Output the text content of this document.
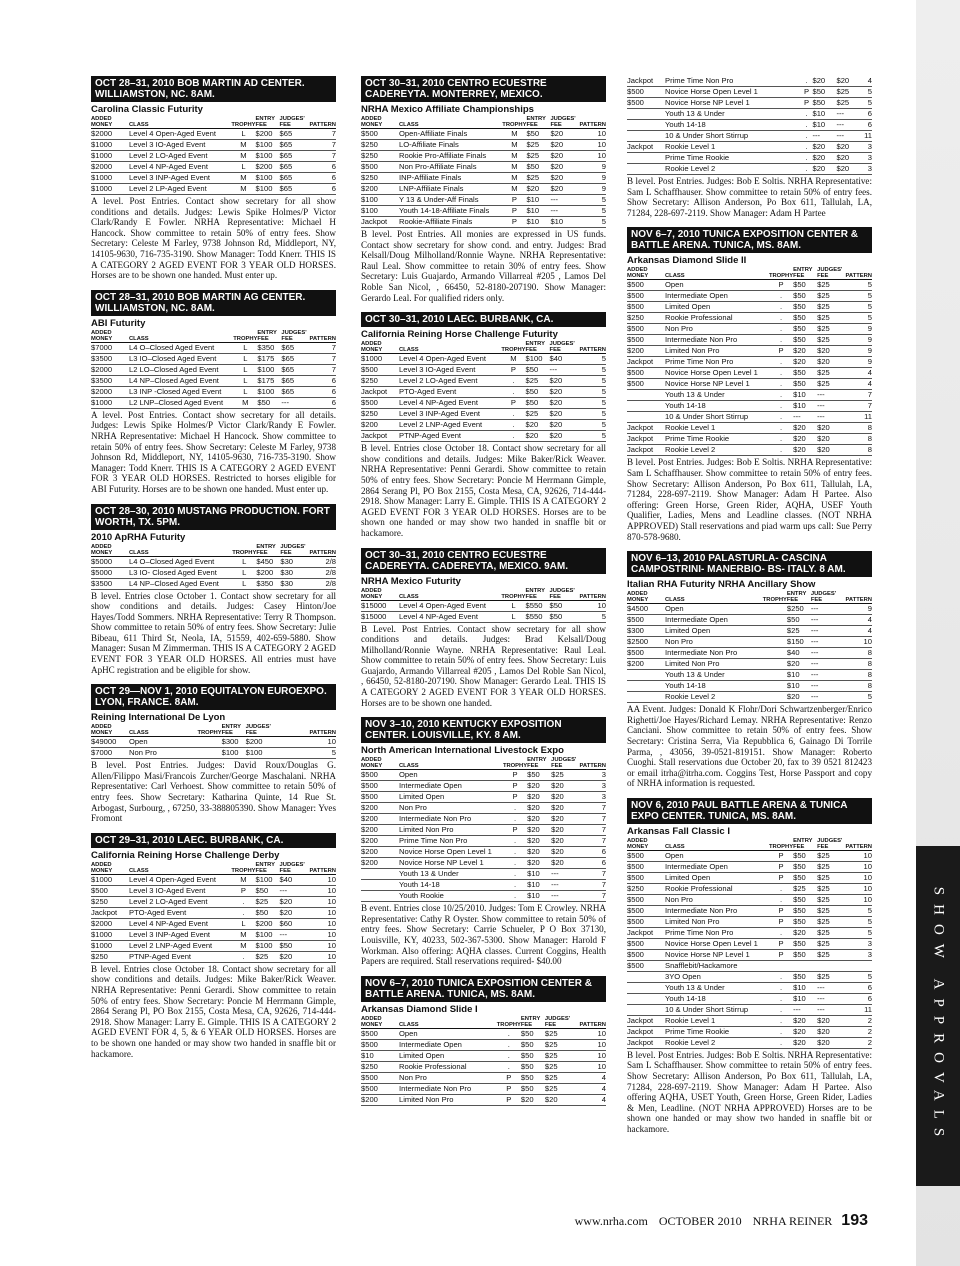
SHOW APPROVALS
OCT 28–31, 2010 BOB MARTIN AD CENTER. WILLIAMSTON, NC. 8AM.
Carolina Classic Futurity
ADDED
MONEY	CLASS	TROPHY	ENTRY
FEE	JUDGES'
FEE	PATTERN
$2000	Level 4 Open-Aged Event	L	$200	$65	7
$1000	Level 3 IO-Aged Event	M	$100	$65	7
$1000	Level 2 LO-Aged Event	M	$100	$65	7
$2000	Level 4 NP-Aged Event	L	$200	$65	6
$1000	Level 3 INP-Aged Event	M	$100	$65	6
$1000	Level 2 LP-Aged Event	M	$100	$65	6
A level. Post Entries. Contact show secretary for all show conditions and details. Judges: Lewis Spike Holmes/P Victor Clark/Randy E Fowler. NRHA Representative: Michael H Hancock. Show committee to retain 50% of entry fees. Show Secretary: Celeste M Farley, 9738 Johnson Rd, Middleport, NY, 14105-9630, 716-735-3190. Show Manager: Todd Knerr. THIS IS A CATEGORY 2 AGED EVENT FOR 3 YEAR OLD HORSES. Horses are to be shown one handed. Must enter up.
OCT 28–31, 2010 BOB MARTIN AG CENTER. WILLIAMSTON, NC. 8AM.
ABI Futurity
ADDED
MONEY	CLASS	TROPHY	ENTRY
FEE	JUDGES'
FEE	PATTERN
$7000	L4 O–Closed Aged Event	L	$350	$65	7
$3500	L3 IO–Closed Aged Event	L	$175	$65	7
$2000	L2 LO–Closed Aged Event	L	$100	$65	7
$3500	L4 NP–Closed Aged Event	L	$175	$65	6
$2000	L3 INP -Closed Aged Event	L	$100	$65	6
$1000	L2 LNP–Closed Aged Event	M	$50	---	6
A level. Post Entries. Contact show secretary for all details. Judges: Lewis Spike Holmes/P Victor Clark/Randy E Fowler. NRHA Representative: Michael H Hancock. Show committee to retain 50% of entry fees. Show Secretary: Celeste M Farley, 9738 Johnson Rd, Middleport, NY, 14105-9630, 716-735-3190. Show Manager: Todd Knerr. THIS IS A CATEGORY 2 AGED EVENT FOR 3 YEAR OLD HORSES. Restricted to horses eligible for ABI Futurity. Horses are to be shown one handed. Must enter up.
OCT 28–30, 2010 MUSTANG PRODUCTION. FORT WORTH, TX. 5PM.
2010 ApRHA Futurity
ADDED
MONEY	CLASS	TROPHY	ENTRY
FEE	JUDGES'
FEE	PATTERN
$5000	L4 O–Closed Aged Event	L	$450	$30	2/8
$5000	L3 IO- Closed Aged Event	L	$200	$30	2/8
$3500	L4 NP–Closed Aged Event	L	$350	$30	2/8
B level. Entries close October 1. Contact show secretary for all show conditions and details. Judges: Casey Hinton/Joe Hayes/Todd Sommers. NRHA Representative: Terry R Thompson. Show committee to retain 50% of entry fees. Show Secretary: Julie Bibeau, 611 Third St, Neola, IA, 51559, 402-659-5880. Show Manager: Susan M Zimmerman. THIS IS A CATEGORY 2 AGED EVENT FOR 3 YEAR OLD HORSES. All entries must have ApHC registration and be eligible for show.
OCT 29—NOV 1, 2010 EQUITALYON EUROEXPO. LYON, FRANCE. 8AM.
Reining International De Lyon
ADDED
MONEY	CLASS	TROPHY	ENTRY
FEE	JUDGES'
FEE	PATTERN
$49000	Open		$300	$200	10
$7000	Non Pro		$100	$100	5
B level. Post Entries. Judges: David Roux/Douglas G. Allen/Filippo Masi/Francois Zurcher/George Maschalani. NRHA Representative: Carl Verhoest. Show committee to retain 50% of entry fees. Show Secretary: Katharina Quinte, 14 Rue St. Arbogast, Surbourg, , 67250, 33-388805390. Show Manager: Yves Fromont
OCT 29–31, 2010 LAEC. BURBANK, CA.
California Reining Horse Challenge Derby
ADDED
MONEY	CLASS	TROPHY	ENTRY
FEE	JUDGES'
FEE	PATTERN
$1000	Level 4 Open-Aged Event	M	$100	$40	10
$500	Level 3 IO-Aged Event	P	$50	---	10
$250	Level 2 LO-Aged Event	.	$25	$20	10
Jackpot	PTO-Aged Event	.	$50	$20	10
$2000	Level 4 NP-Aged Event	L	$200	$60	10
$1000	Level 3 INP-Aged Event	M	$100	---	10
$1000	Level 2 LNP-Aged Event	M	$100	$50	10
$250	PTNP-Aged Event	.	$25	$20	10
B level. Entries close October 18. Contact show secretary for all show conditions and details. Judges: Mike Baker/Rick Weaver. NRHA Representative: Penni Gerardi. Show committee to retain 50% of entry fees. Show Secretary: Poncie M Herrmann Gimple, 2864 Serang Pl, PO Box 2155, Costa Mesa, CA, 92626, 714-444-2918. Show Manager: Larry E. Gimple. THIS IS A CATEGORY 2 AGED EVENT FOR 4, 5, & 6 YEAR OLD HORSES. Horses are to be shown one handed or may show two handed in snaffle bit or hackamore.
OCT 30–31, 2010 CENTRO ECUESTRE CADEREYTA. MONTERREY, MEXICO.
NRHA Mexico Affiliate Championships
ADDED
MONEY	CLASS	TROPHY	ENTRY
FEE	JUDGES'
FEE	PATTERN
$500	Open-Affiliate Finals	M	$50	$20	10
$250	LO-Affiliate Finals	M	$25	$20	10
$250	Rookie Pro-Affiliate Finals	M	$25	$20	10
$500	Non Pro-Affiliate Finals	M	$50	$20	9
$250	INP-Affiliate Finals	M	$25	$20	9
$200	LNP-Affiliate Finals	M	$20	$20	9
$100	Y 13 & Under-Aff Finals	P	$10	---	5
$100	Youth 14-18-Affiliate Finals	P	$10	---	5
Jackpot	Rookie-Affiliate Finals	P	$10	$10	5
B level. Post Entries. All monies are expressed in US funds. Contact show secretary for show cond. and entry. Judges: Brad Kelsall/Doug Milholland/Ronnie Wayne. NRHA Representative: Raul Leal. Show committee to retain 30% of entry fees. Show Secretary: Luis Guajardo, Armando Villarreal #205 , Lamos Del Roble San Nicol, , 66450, 52-8180-207190. Show Manager: Gerardo Leal. For qualified riders only.
OCT 30–31, 2010 LAEC. BURBANK, CA.
California Reining Horse Challenge Futurity
ADDED
MONEY	CLASS	TROPHY	ENTRY
FEE	JUDGES'
FEE	PATTERN
$1000	Level 4 Open-Aged Event	M	$100	$40	5
$500	Level 3 IO-Aged Event	P	$50	---	5
$250	Level 2 LO-Aged Event	.	$25	$20	5
Jackpot	PTO-Aged Event	.	$50	$20	5
$500	Level 4 NP-Aged Event	P	$50	$20	5
$250	Level 3 INP-Aged Event	.	$25	$20	5
$200	Level 2 LNP-Aged Event	.	$20	$20	5
Jackpot	PTNP-Aged Event	.	$20	$20	5
B level. Entries close October 18. Contact show secretary for all show conditions and details. Judges: Mike Baker/Rick Weaver. NRHA Representative: Penni Gerardi. Show committee to retain 50% of entry fees. Show Secretary: Poncie M Herrmann Gimple, 2864 Serang Pl, PO Box 2155, Costa Mesa, CA, 92626, 714-444-2918. Show Manager: Larry E. Gimple. THIS IS A CATEGORY 2 AGED EVENT FOR 3 YEAR OLD HORSES. Horses are to be shown one handed or may show two handed in snaffle bit or hackamore.
OCT 30–31, 2010 CENTRO ECUESTRE CADEREYTA. CADEREYTA, MEXICO. 9AM.
NRHA Mexico Futurity
ADDED
MONEY	CLASS	TROPHY	ENTRY
FEE	JUDGES'
FEE	PATTERN
$15000	Level 4 Open-Aged Event	L	$550	$50	10
$15000	Level 4 NP-Aged Event	L	$550	$50	5
B Level. Post Entries. Contact show secretary for all show conditions and details. Judges: Brad Kelsall/Doug Milholland/Ronnie Wayne. NRHA Representative: Raul Leal. Show committee to retain 50% of entry fees. Show Secretary: Luis Guajardo, Armando Villarreal #205 , Lamos Del Roble San Nicol, , 66450, 52-8180-207190. Show Manager: Gerardo Leal. THIS IS A CATEGORY 2 AGED EVENT FOR 3 YEAR OLD HORSES. Horses are to be shown one handed.
NOV 3–10, 2010 KENTUCKY EXPOSITION CENTER. LOUISVILLE, KY. 8 AM.
North American International Livestock Expo
ADDED
MONEY	CLASS	TROPHY	ENTRY
FEE	JUDGES'
FEE	PATTERN
$500	Open	P	$50	$25	3
$500	Intermediate Open	P	$20	$20	3
$500	Limited Open	P	$20	$20	3
$200	Non Pro	.	$20	$20	7
$200	Intermediate Non Pro	.	$20	$20	7
$200	Limited Non Pro	P	$20	$20	7
$200	Prime Time Non Pro	.	$20	$20	7
$200	Novice Horse Open Level 1	.	$20	$20	6
$200	Novice Horse NP Level 1	.	$20	$20	6
	Youth 13 & Under	.	$10	---	7
	Youth 14-18	.	$10	---	7
	Youth Rookie	.	$10	---	7
B event. Entries close 10/25/2010. Judges: Tom E Crowley. NRHA Representative: Cathy R Oyster. Show committee to retain 50% of entry fees. Show Secretary: Carrie Schueler, P O Box 37130, Louisville, KY, 40233, 502-367-5300. Show Manager: Harold F Workman. Also offering: AQHA classes. Current Coggins, Health Papers are required. Stall reservations required- $40.00
NOV 6–7, 2010 TUNICA EXPOSITION CENTER & BATTLE ARENA. TUNICA, MS. 8AM.
Arkansas Diamond Slide I
ADDED
MONEY	CLASS	TROPHY	ENTRY
FEE	JUDGES'
FEE	PATTERN
$500	Open	.	$50	$25	10
$500	Intermediate Open	.	$50	$25	10
$10	Limited Open	.	$50	$25	10
$250	Rookie Professional	.	$50	$25	10
$500	Non Pro	P	$50	$25	4
$500	Intermediate Non Pro	P	$50	$25	4
$200	Limited Non Pro	P	$20	$20	4
Jackpot	Prime Time Non Pro	.	$20	$20	4
$500	Novice Horse Open Level 1	P	$50	$25	5
$500	Novice Horse NP Level 1	P	$50	$25	5
	Youth 13 & Under	.	$10	---	6
	Youth 14-18	.	$10	---	6
	10 & Under Short Stirrup	.	---	---	11
Jackpot	Rookie Level 1	.	$20	$20	3
	Prime Time Rookie	.	$20	$20	3
	Rookie Level 2	.	$20	$20	3
B level. Post Entries. Judges: Bob E Soltis. NRHA Representative: Sam L Schaffhauser. Show committee to retain 50% of entry fees. Show Secretary: Allison Anderson, Po Box 611, Tallulah, LA, 71284, 228-697-2119. Show Manager: Adam H Partee
NOV 6–7, 2010 TUNICA EXPOSITION CENTER & BATTLE ARENA. TUNICA, MS. 8AM.
Arkansas Diamond Slide II
ADDED
MONEY	CLASS	TROPHY	ENTRY
FEE	JUDGES'
FEE	PATTERN
$500	Open	P	$50	$25	5
$500	Intermediate Open	.	$50	$25	5
$500	Limited Open	.	$50	$25	5
$250	Rookie Professional	.	$50	$25	5
$500	Non Pro	.	$50	$25	9
$500	Intermediate Non Pro	.	$50	$25	9
$200	Limited Non Pro	P	$20	$20	9
Jackpot	Prime Time Non Pro	.	$20	$20	9
$500	Novice Horse Open Level 1	.	$50	$25	4
$500	Novice Horse NP Level 1	.	$50	$25	4
	Youth 13 & Under	.	$10	---	7
	Youth 14-18	.	$10	---	7
	10 & Under Short Stirrup	.	---	---	11
Jackpot	Rookie Level 1	.	$20	$20	8
Jackpot	Prime Time Rookie	.	$20	$20	8
Jackpot	Rookie Level 2	.	$20	$20	8
B level. Post Entries. Judges: Bob E Soltis. NRHA Representative: Sam L Schaffhauser. Show committee to retain 50% of entry fees. Show Secretary: Allison Anderson, Po Box 611, Tallulah, LA, 71284, 228-697-2119. Show Manager: Adam H Partee. Also offering: Green Horse, Green Rider, AQHA, USEF Youth Qualifier, Ladies, Mens and Leadline classes. (NOT NRHA APPROVED) Stall reservations and piad warm ups call: Sue Perry 870-578-9680.
NOV 6–13, 2010 PALASTURLA- CASCINA CAMPOSTRINI- MANERBIO- BS- ITALY. 8 AM.
Italian RHA Futurity NRHA Ancillary Show
ADDED
MONEY	CLASS	TROPHY	ENTRY
FEE	JUDGES'
FEE	PATTERN
$4500	Open		$250	---	9
$500	Intermediate Open		$50	---	4
$300	Limited Open		$25	---	4
$2500	Non Pro		$150	---	10
$500	Intermediate Non Pro		$40	---	8
$200	Limited Non Pro		$20	---	8
	Youth 13 & Under		$10	---	8
	Youth 14-18		$10	---	8
	Rookie Level 2		$20	---	5
AA Event. Judges: Donald K Flohr/Dori Schwartzenberger/Enrico Righetti/Joe Hayes/Richard Lemay. NRHA Representative: Renzo Canciani. Show committee to retain 50% of entry fees. Show Secretary: Cristina Serra, Via Repubblica 6, Gainago Di Torrile Parma, , 43056, 39-0521-819151. Show Manager: Roberto Cuoghi. Stall reservations due October 20, fax to 39 0521 812423 or email itrha@itrha.com. Coggins Test, Horse Passport and copy of NRHA information is requested.
NOV 6, 2010 PAUL BATTLE ARENA & TUNICA EXPO CENTER. TUNICA, MS. 8AM.
Arkansas Fall Classic I
ADDED
MONEY	CLASS	TROPHY	ENTRY
FEE	JUDGES'
FEE	PATTERN
$500	Open	P	$50	$25	10
$500	Intermediate Open	P	$50	$25	10
$500	Limited Open	P	$50	$25	10
$250	Rookie Professional	.	$25	$25	10
$500	Non Pro	.	$50	$25	10
$500	Intermediate Non Pro	P	$50	$25	5
$500	Limited Non Pro	P	$50	$25	5
Jackpot	Prime Time Non Pro	.	$20	$25	5
$500	Novice Horse Open Level 1	P	$50	$25	3
$500	Novice Horse NP Level 1	P	$50	$25	3
$500	Snafflebit/Hackamore				
	3YO Open	.	$50	$25	5
	Youth 13 & Under	.	$10	---	6
	Youth 14-18	.	$10	---	6
	10 & Under Short Stirrup	.	---	---	11
Jackpot	Rookie Level 1	.	$20	$20	2
Jackpot	Prime Time Rookie	.	$20	$20	2
Jackpot	Rookie Level 2	.	$20	$20	2
B level. Post Entries. Judges: Bob E Soltis. NRHA Representative: Sam L Schaffhauser. Show committee to retain 50% of entry fees. Show Secretary: Allison Anderson, Po Box 611, Tallulah, LA, 71284, 228-697-2119. Show Manager: Adam H Partee. Also offering AQHA, USET Youth, Green Horse, Green Rider, Ladies & Men, Leadline. (NOT NRHA APPROVED) Horses are to be shown one handed or may show two handed in snaffle bit or hackamore.
www.nrha.com OCTOBER 2010 NRHA REINER 193
